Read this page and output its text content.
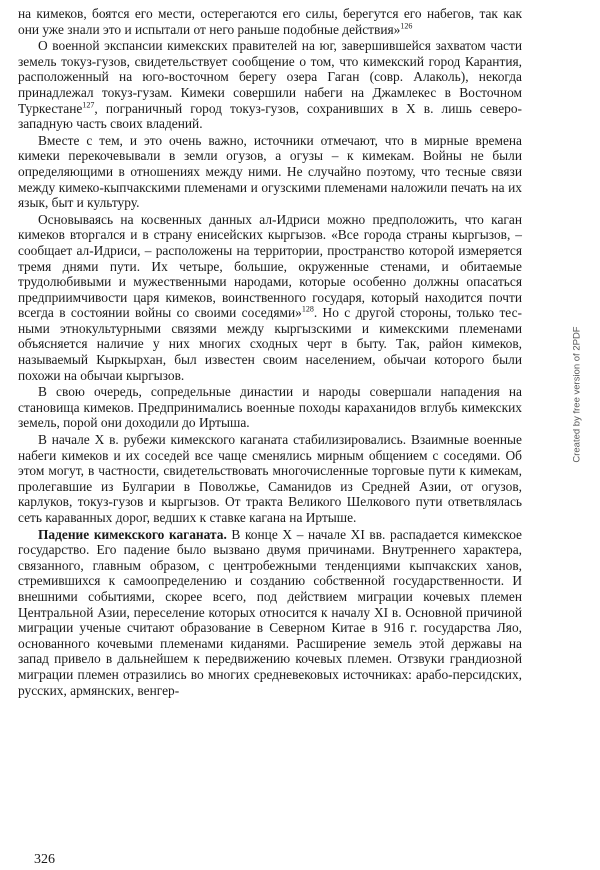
на кимеков, боятся его мести, остерегаются его силы, берегутся его набегов, так как они уже знали это и испытали от него раньше подобные действия»$^{126}$

О военной экспансии кимекских правителей на юг, завершившейся захватом части земель токуз-гузов, свидетельствует сообщение о том, что кимекский город Карантия, расположенный на юго-восточном берегу озера Гаган (совр. Алаколь), некогда принадлежал токуз-гузам. Кимеки совершили набеги на Джамлекес в Восточном Туркестане$^{127}$, пограничный город токуз-гузов, сохранивших в X в. лишь северо-западную часть своих владений.

Вместе с тем, и это очень важно, источники отмечают, что в мирные времена кимеки перекочевывали в земли огузов, а огузы – к кимекам. Войны не были определяющими в отношениях между ними. Не случайно поэтому, что тесные связи между кимеко-кыпчакскими племенами и огузскими племенами наложили печать на их язык, быт и культуру.

Основываясь на косвенных данных ал-Идриси можно предположить, что каган кимеков вторгался и в страну енисейских кыргызов. «Все города страны кыргызов, – сообщает ал-Идриси, – расположены на территории, пространство которой измеряется тремя днями пути. Их четыре, большие, окруженные стенами, и обитаемые трудолюбивыми и мужественными народами, которые особенно должны опасаться предприимчивости царя кимеков, воинственного государя, который находится почти всегда в состоянии войны со своими соседями»$^{128}$. Но с другой стороны, только тесными этнокультурными связями между кыргызскими и кимекскими племенами объясняется наличие у них многих сходных черт в быту. Так, район кимеков, называемый Кыркырхан, был известен своим населением, обычаи которого были похожи на обычаи кыргызов.

В свою очередь, сопредельные династии и народы совершали нападения на становища кимеков. Предпринимались военные походы караханидов вглубь кимекских земель, порой они доходили до Иртыша.

В начале X в. рубежи кимекского каганата стабилизировались. Взаимные военные набеги кимеков и их соседей все чаще сменялись мирным общением с соседями. Об этом могут, в частности, свидетельствовать многочисленные торговые пути к кимекам, пролегавшие из Булгарии в Поволжье, Саманидов из Средней Азии, от огузов, карлуков, токуз-гузов и кыргызов. От тракта Великого Шелкового пути ответвлялась сеть караванных дорог, ведших к ставке кагана на Иртыше.

Падение кимекского каганата. В конце X – начале XI вв. распадается кимекское государство. Его падение было вызвано двумя причинами. Внутреннего характера, связанного, главным образом, с центробежными тенденциями кыпчакских ханов, стремившихся к самоопределению и созданию собственной государственности. И внешними событиями, скорее всего, под действием миграции кочевых племен Центральной Азии, переселение которых относится к началу XI в. Основной причиной миграции ученые считают образование в Северном Китае в 916 г. государства Ляо, основанного кочевыми племенами киданями. Расширение земель этой державы на запад привело в дальнейшем к передвижению кочевых племен. Отзвуки грандиозной миграции племен отразились во многих средневековых источниках: арабо-персидских, русских, армянских, венгер-

326
Created by free version of 2PDF
